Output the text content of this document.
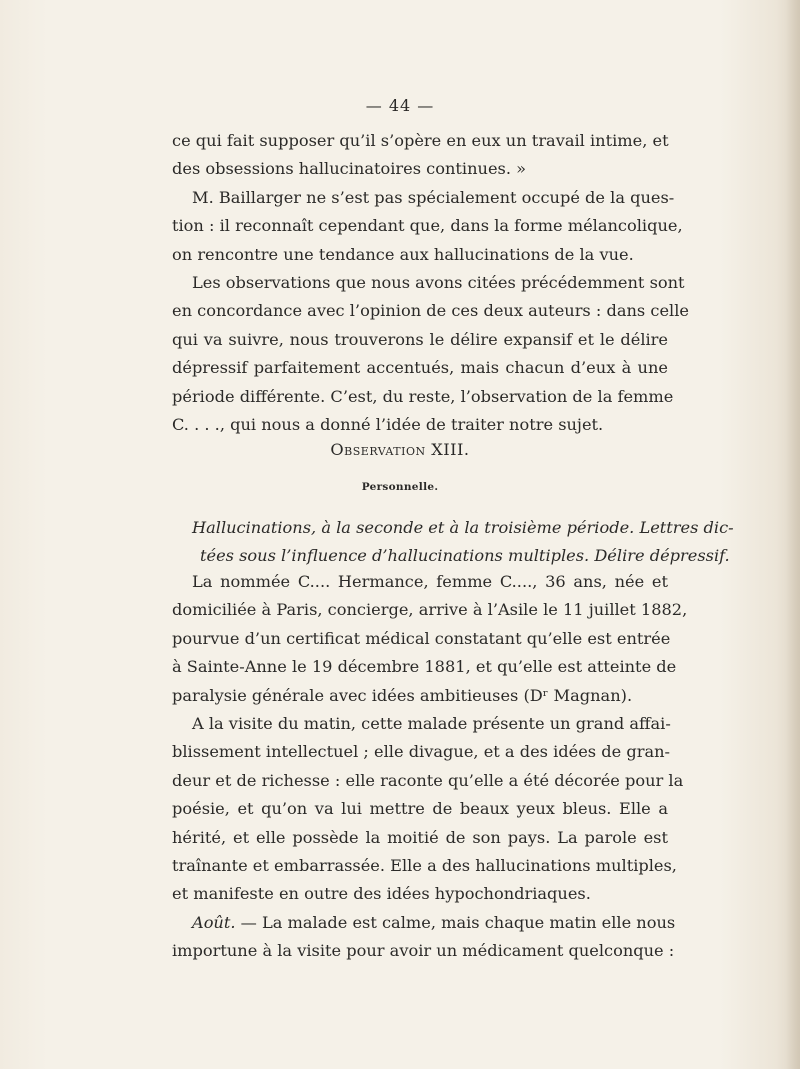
— 44 —
ce qui fait supposer qu’il s’opère en eux un travail intime, et
des obsessions hallucinatoires continues. »
M. Baillarger ne s’est pas spécialement occupé de la ques-
tion : il reconnaît cependant que, dans la forme mélancolique,
on rencontre une tendance aux hallucinations de la vue.
Les observations que nous avons citées précédemment sont
en concordance avec l’opinion de ces deux auteurs : dans celle
qui va suivre, nous trouverons le délire expansif et le délire
dépressif parfaitement accentués, mais chacun d’eux à une
période différente. C’est, du reste, l’observation de la femme
C. . . ., qui nous a donné l’idée de traiter notre sujet.
Observation XIII.
Personnelle.
Hallucinations, à la seconde et à la troisième période. Lettres dic-
tées sous l’influence d’hallucinations multiples. Délire dépressif.
La nommée C.... Hermance, femme C...., 36 ans, née et
domiciliée à Paris, concierge, arrive à l’Asile le 11 juillet 1882,
pourvue d’un certificat médical constatant qu’elle est entrée
à Sainte-Anne le 19 décembre 1881, et qu’elle est atteinte de
paralysie générale avec idées ambitieuses (Dʳ Magnan).
A la visite du matin, cette malade présente un grand affai-
blissement intellectuel ; elle divague, et a des idées de gran-
deur et de richesse : elle raconte qu’elle a été décorée pour la
poésie, et qu’on va lui mettre de beaux yeux bleus. Elle a
hérité, et elle possède la moitié de son pays. La parole est
traînante et embarrassée. Elle a des hallucinations multiples,
et manifeste en outre des idées hypochondriaques.
Août. — La malade est calme, mais chaque matin elle nous
importune à la visite pour avoir un médicament quelconque :
